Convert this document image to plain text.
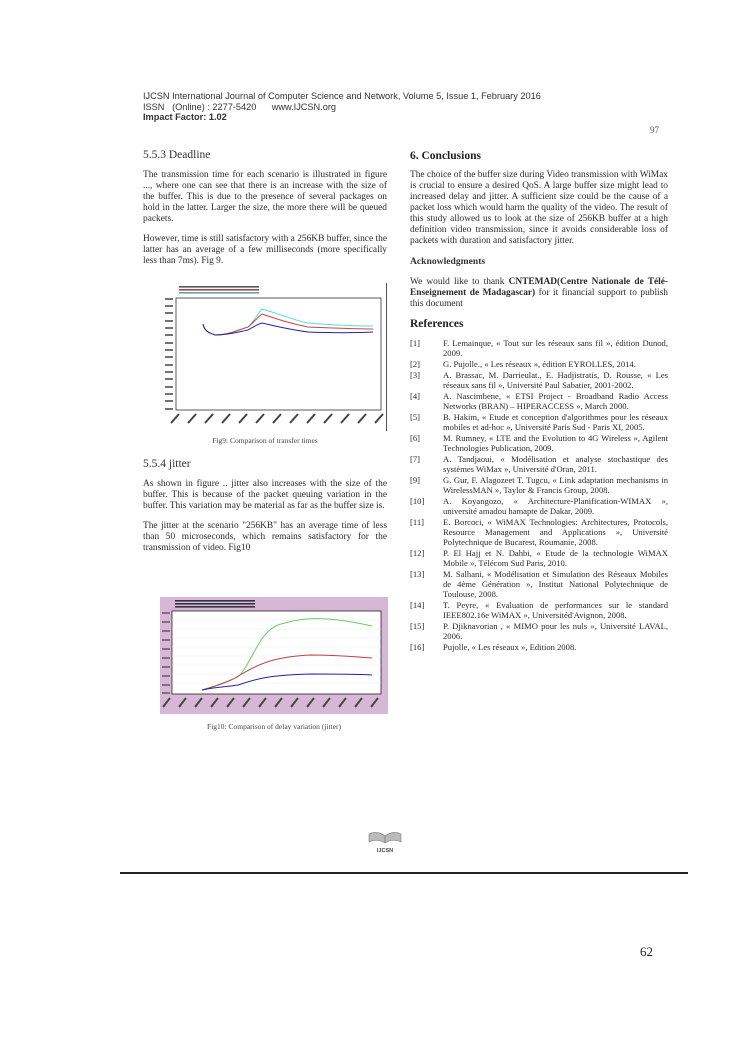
IJCSN International Journal of Computer Science and Network, Volume 5, Issue 1, February 2016
ISSN   (Online) : 2277-5420      www.IJCSN.org
Impact Factor: 1.02
97
5.5.3 Deadline

The transmission time for each scenario is illustrated in figure ..., where one can see that there is an increase with the size of the buffer. This is due to the presence of several packages on hold in the latter. Larger the size, the more there will be queued packets.

However, time is still satisfactory with a 256KB buffer, since the latter has an average of a few milliseconds (more specifically less than 7ms). Fig 9.

Fig9: Comparison of transfer times
5.5.4 jitter

As shown in figure .. jitter also increases with the size of the buffer. This is because of the packet queuing variation in the buffer. This variation may be material as far as the buffer size is.

The jitter at the scenario "256KB" has an average time of less than 50 microseconds, which remains satisfactory for the transmission of video. Fig10

Fig10: Comparison of delay variation (jitter)
6. Conclusions

The choice of the buffer size during Video transmission with WiMax is crucial to ensure a desired QoS. A large buffer size might lead to increased delay and jitter. A sufficient size could be the cause of a packet loss which would harm the quality of the video. The result of this study allowed us to look at the size of 256KB buffer at a high definition video transmission, since it avoids considerable loss of packets with duration and satisfactory jitter.

Acknowledgments

We would like to thank CNTEMAD(Centre Nationale de Télé-Enseignement de Madagascar) for it financial support to publish this document

References
[1]	F. Lemainque, « Tout sur les réseaux sans fil », édition Dunod, 2009.
[2]	G. Pujolle., « Les réseaux », édition EYROLLES, 2014.
[3]	A. Brassac, M. Darrieulat., E. Hadjistratis, D. Rousse, « Les réseaux sans fil », Université Paul Sabatier, 2001-2002.
[4]	A. Nascimbene, « ETSI Project - Broadband Radio Access Networks (BRAN) – HIPERACCESS », March 2000.
[5]	B. Hakim, « Etude et conception d'algorithmes pour les réseaux mobiles et ad-hoc », Université Paris Sud - Paris XI, 2005.
[6]	M. Rumney, « LTE and the Evolution to 4G Wireless », Agilent Technologies Publication, 2009.
[7]	A. Tandjaoui, « Modélisation et analyse stochastique des systèmes WiMax », Université d'Oran, 2011.
[9]	G. Gur, F. Alagozeet T. Tugcu, « Link adaptation mechanisms in WirelessMAN », Taylor & Francis Group, 2008.
[10]	A. Koyangozo, « Architecture-Planification-WIMAX », université amadou hamapte de Dakar, 2009.
[11]	E. Borcoci, « WiMAX Technologies: Architectures, Protocols, Resource Management and Applications », Université Polytechnique de Bucarest, Roumanie, 2008.
[12]	P. El Hajj et N. Dahbi, « Etude de la technologie WiMAX Mobile », Télécom Sud Paris, 2010.
[13]	M. Salhani, « Modélisation et Simulation des Réseaux Mobiles de 4ème Génération », Institut National Polytechnique de Toulouse, 2008.
[14]	T. Peyre, « Evaluation de performances sur le standard IEEE802.16e WiMAX », Universitéd'Avignon, 2008.
[15]	P. Djiknavorian , « MIMO pour les nuls », Université LAVAL, 2006.
[16]	Pujolle, « Les réseaux », Edition 2008.
IJCSN
62
